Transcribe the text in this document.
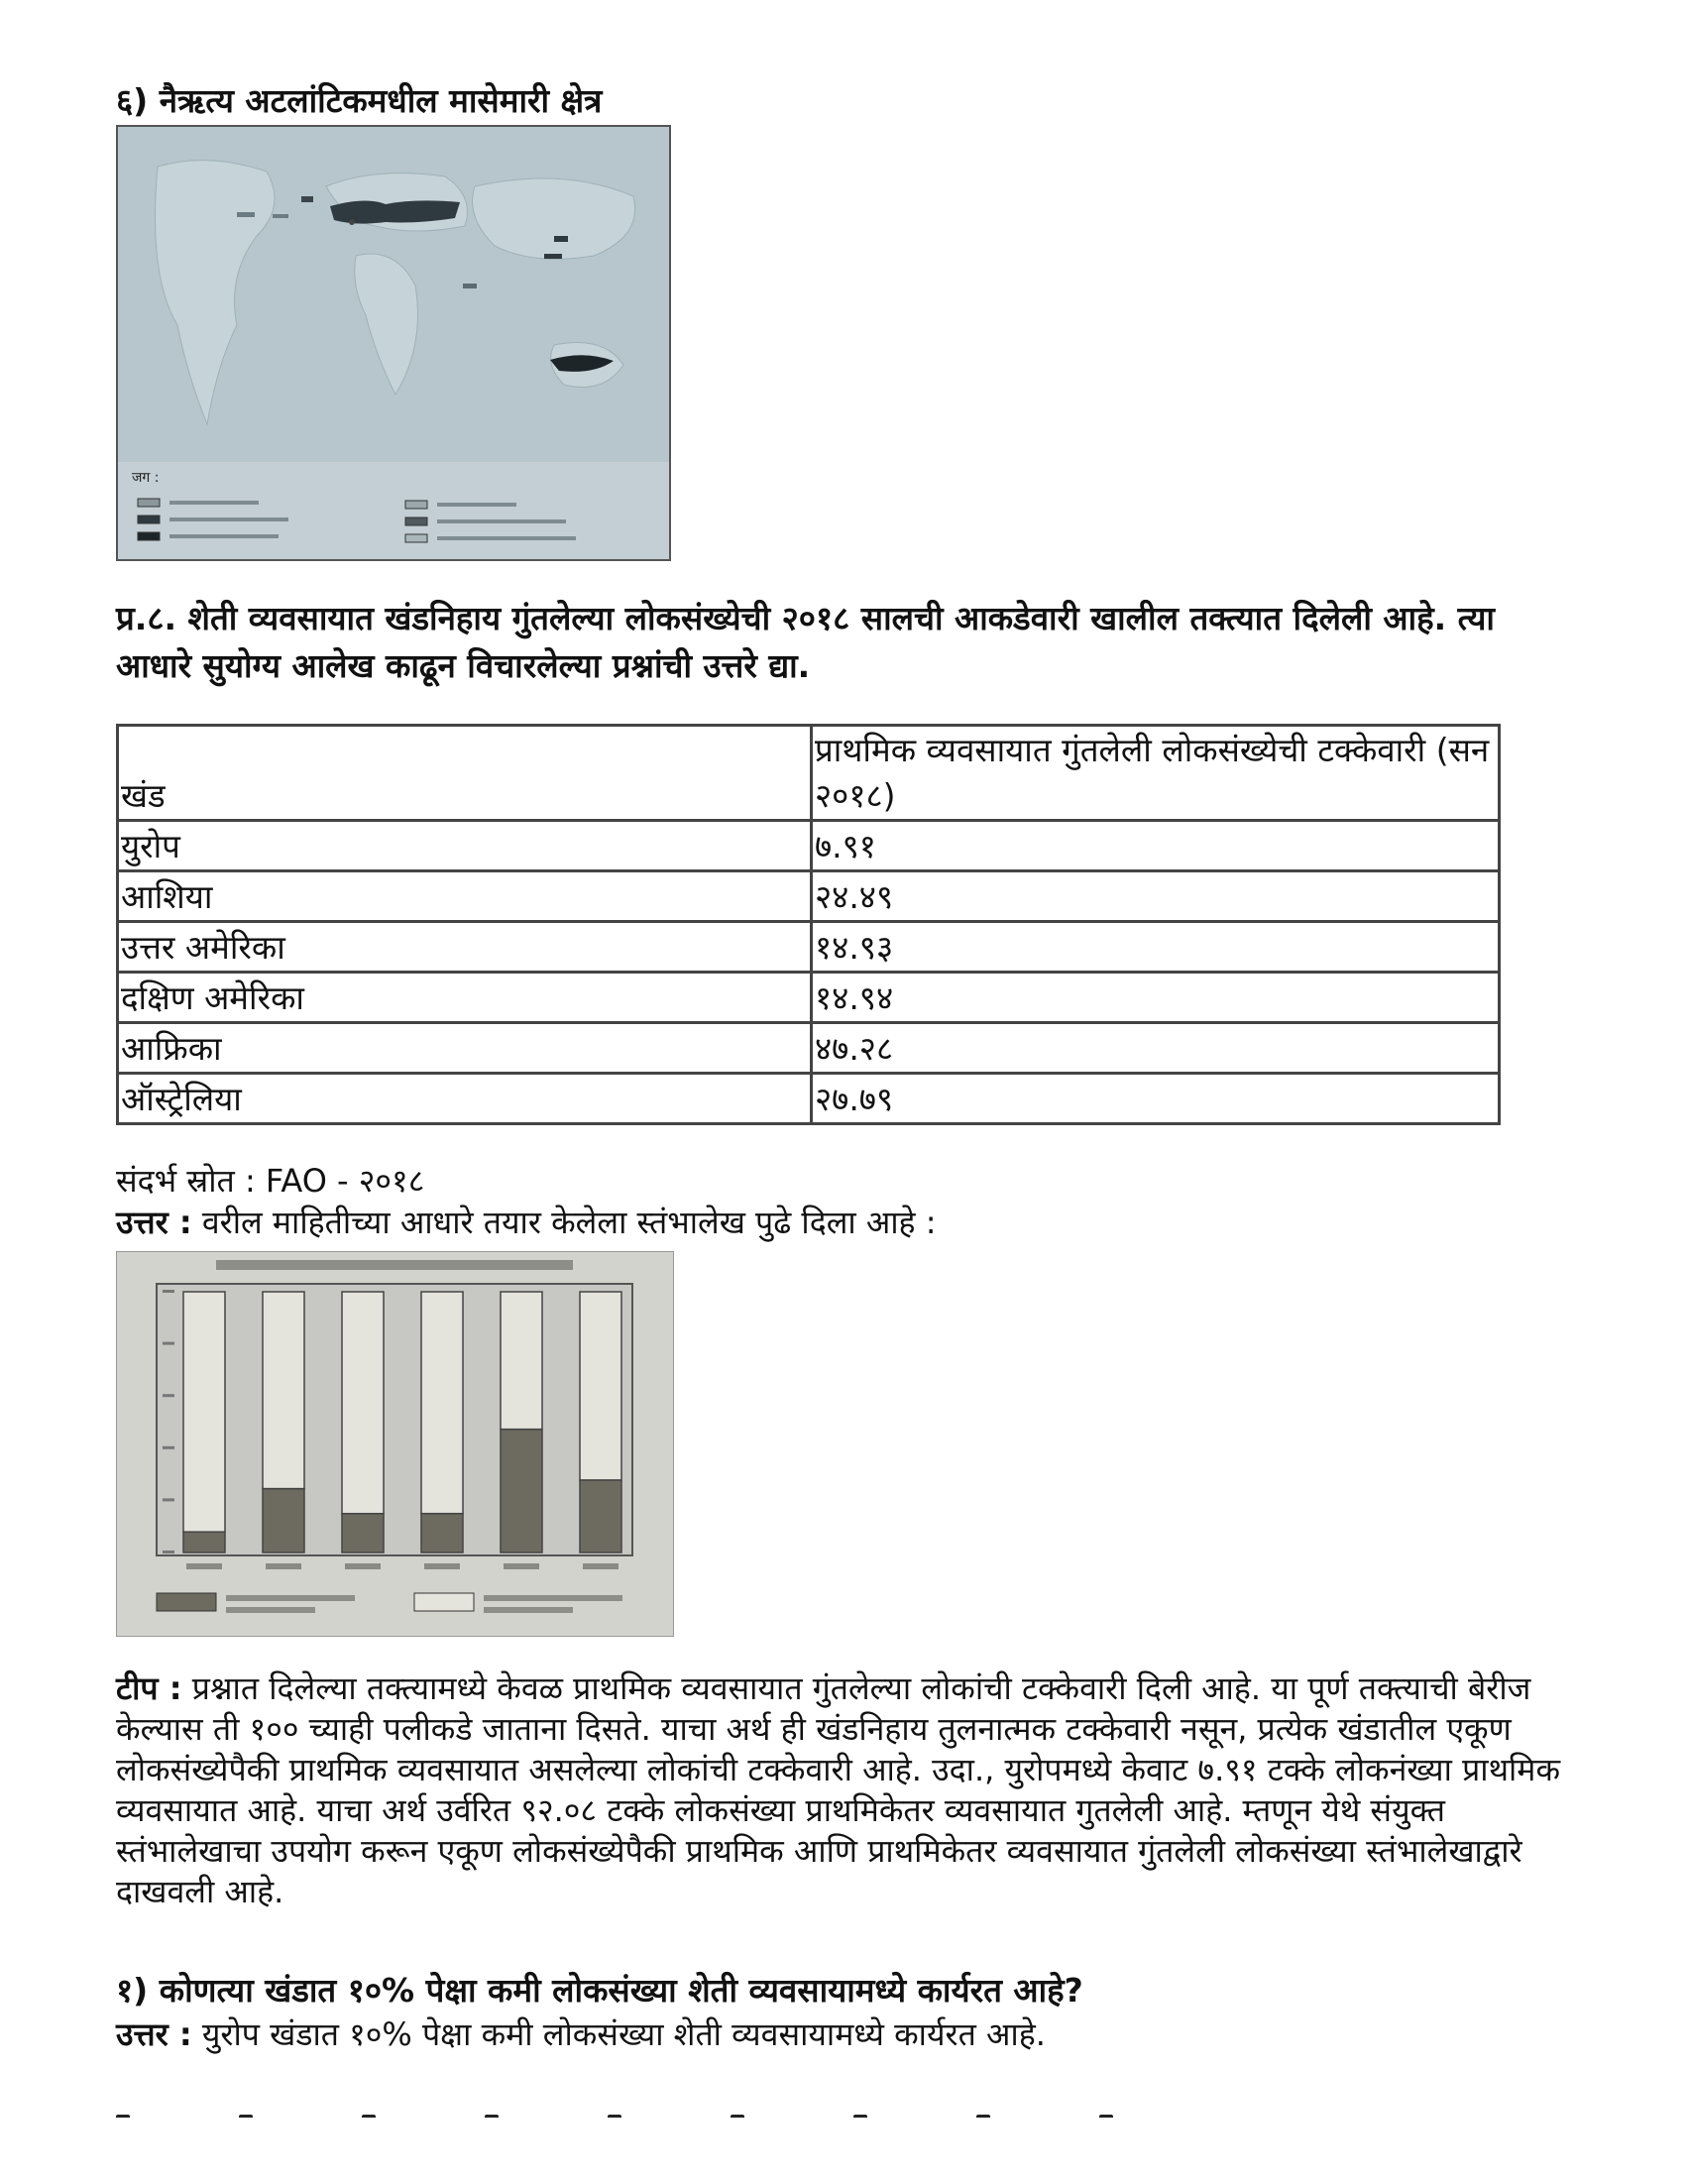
६) नैऋत्य अटलांटिकमधील मासेमारी क्षेत्र
जग :
प्र.८. शेती व्यवसायात खंडनिहाय गुंतलेल्या लोकसंख्येची २०१८ सालची आकडेवारी खालील तक्त्यात दिलेली आहे. त्या आधारे सुयोग्य आलेख काढून विचारलेल्या प्रश्नांची उत्तरे द्या.
खंड	प्राथमिक व्यवसायात गुंतलेली लोकसंख्येची टक्केवारी (सन २०१८)
युरोप	७.९१
आशिया	२४.४९
उत्तर अमेरिका	१४.९३
दक्षिण अमेरिका	१४.९४
आफ्रिका	४७.२८
ऑस्ट्रेलिया	२७.७९

संदर्भ स्रोत : FAO - २०१८

उत्तर : वरील माहितीच्या आधारे तयार केलेला स्तंभालेख पुढे दिला आहे :

टीप : प्रश्नात दिलेल्या तक्त्यामध्ये केवळ प्राथमिक व्यवसायात गुंतलेल्या लोकांची टक्केवारी दिली आहे. या पूर्ण तक्त्याची बेरीज केल्यास ती १०० च्याही पलीकडे जाताना दिसते. याचा अर्थ ही खंडनिहाय तुलनात्मक टक्केवारी नसून, प्रत्येक खंडातील एकूण लोकसंख्येपैकी प्राथमिक व्यवसायात असलेल्या लोकांची टक्केवारी आहे. उदा., युरोपमध्ये केवाट ७.९१ टक्के लोकनंख्या प्राथमिक व्यवसायात आहे. याचा अर्थ उर्वरित ९२.०८ टक्के लोकसंख्या प्राथमिकेतर व्यवसायात गुतलेली आहे. म्तणून येथे संयुक्त स्तंभालेखाचा उपयोग करून एकूण लोकसंख्येपैकी प्राथमिक आणि प्राथमिकेतर व्यवसायात गुंतलेली लोकसंख्या स्तंभालेखाद्वारे दाखवली आहे.

१) कोणत्या खंडात १०% पेक्षा कमी लोकसंख्या शेती व्यवसायामध्ये कार्यरत आहे?

उत्तर : युरोप खंडात १०% पेक्षा कमी लोकसंख्या शेती व्यवसायामध्ये कार्यरत आहे.
